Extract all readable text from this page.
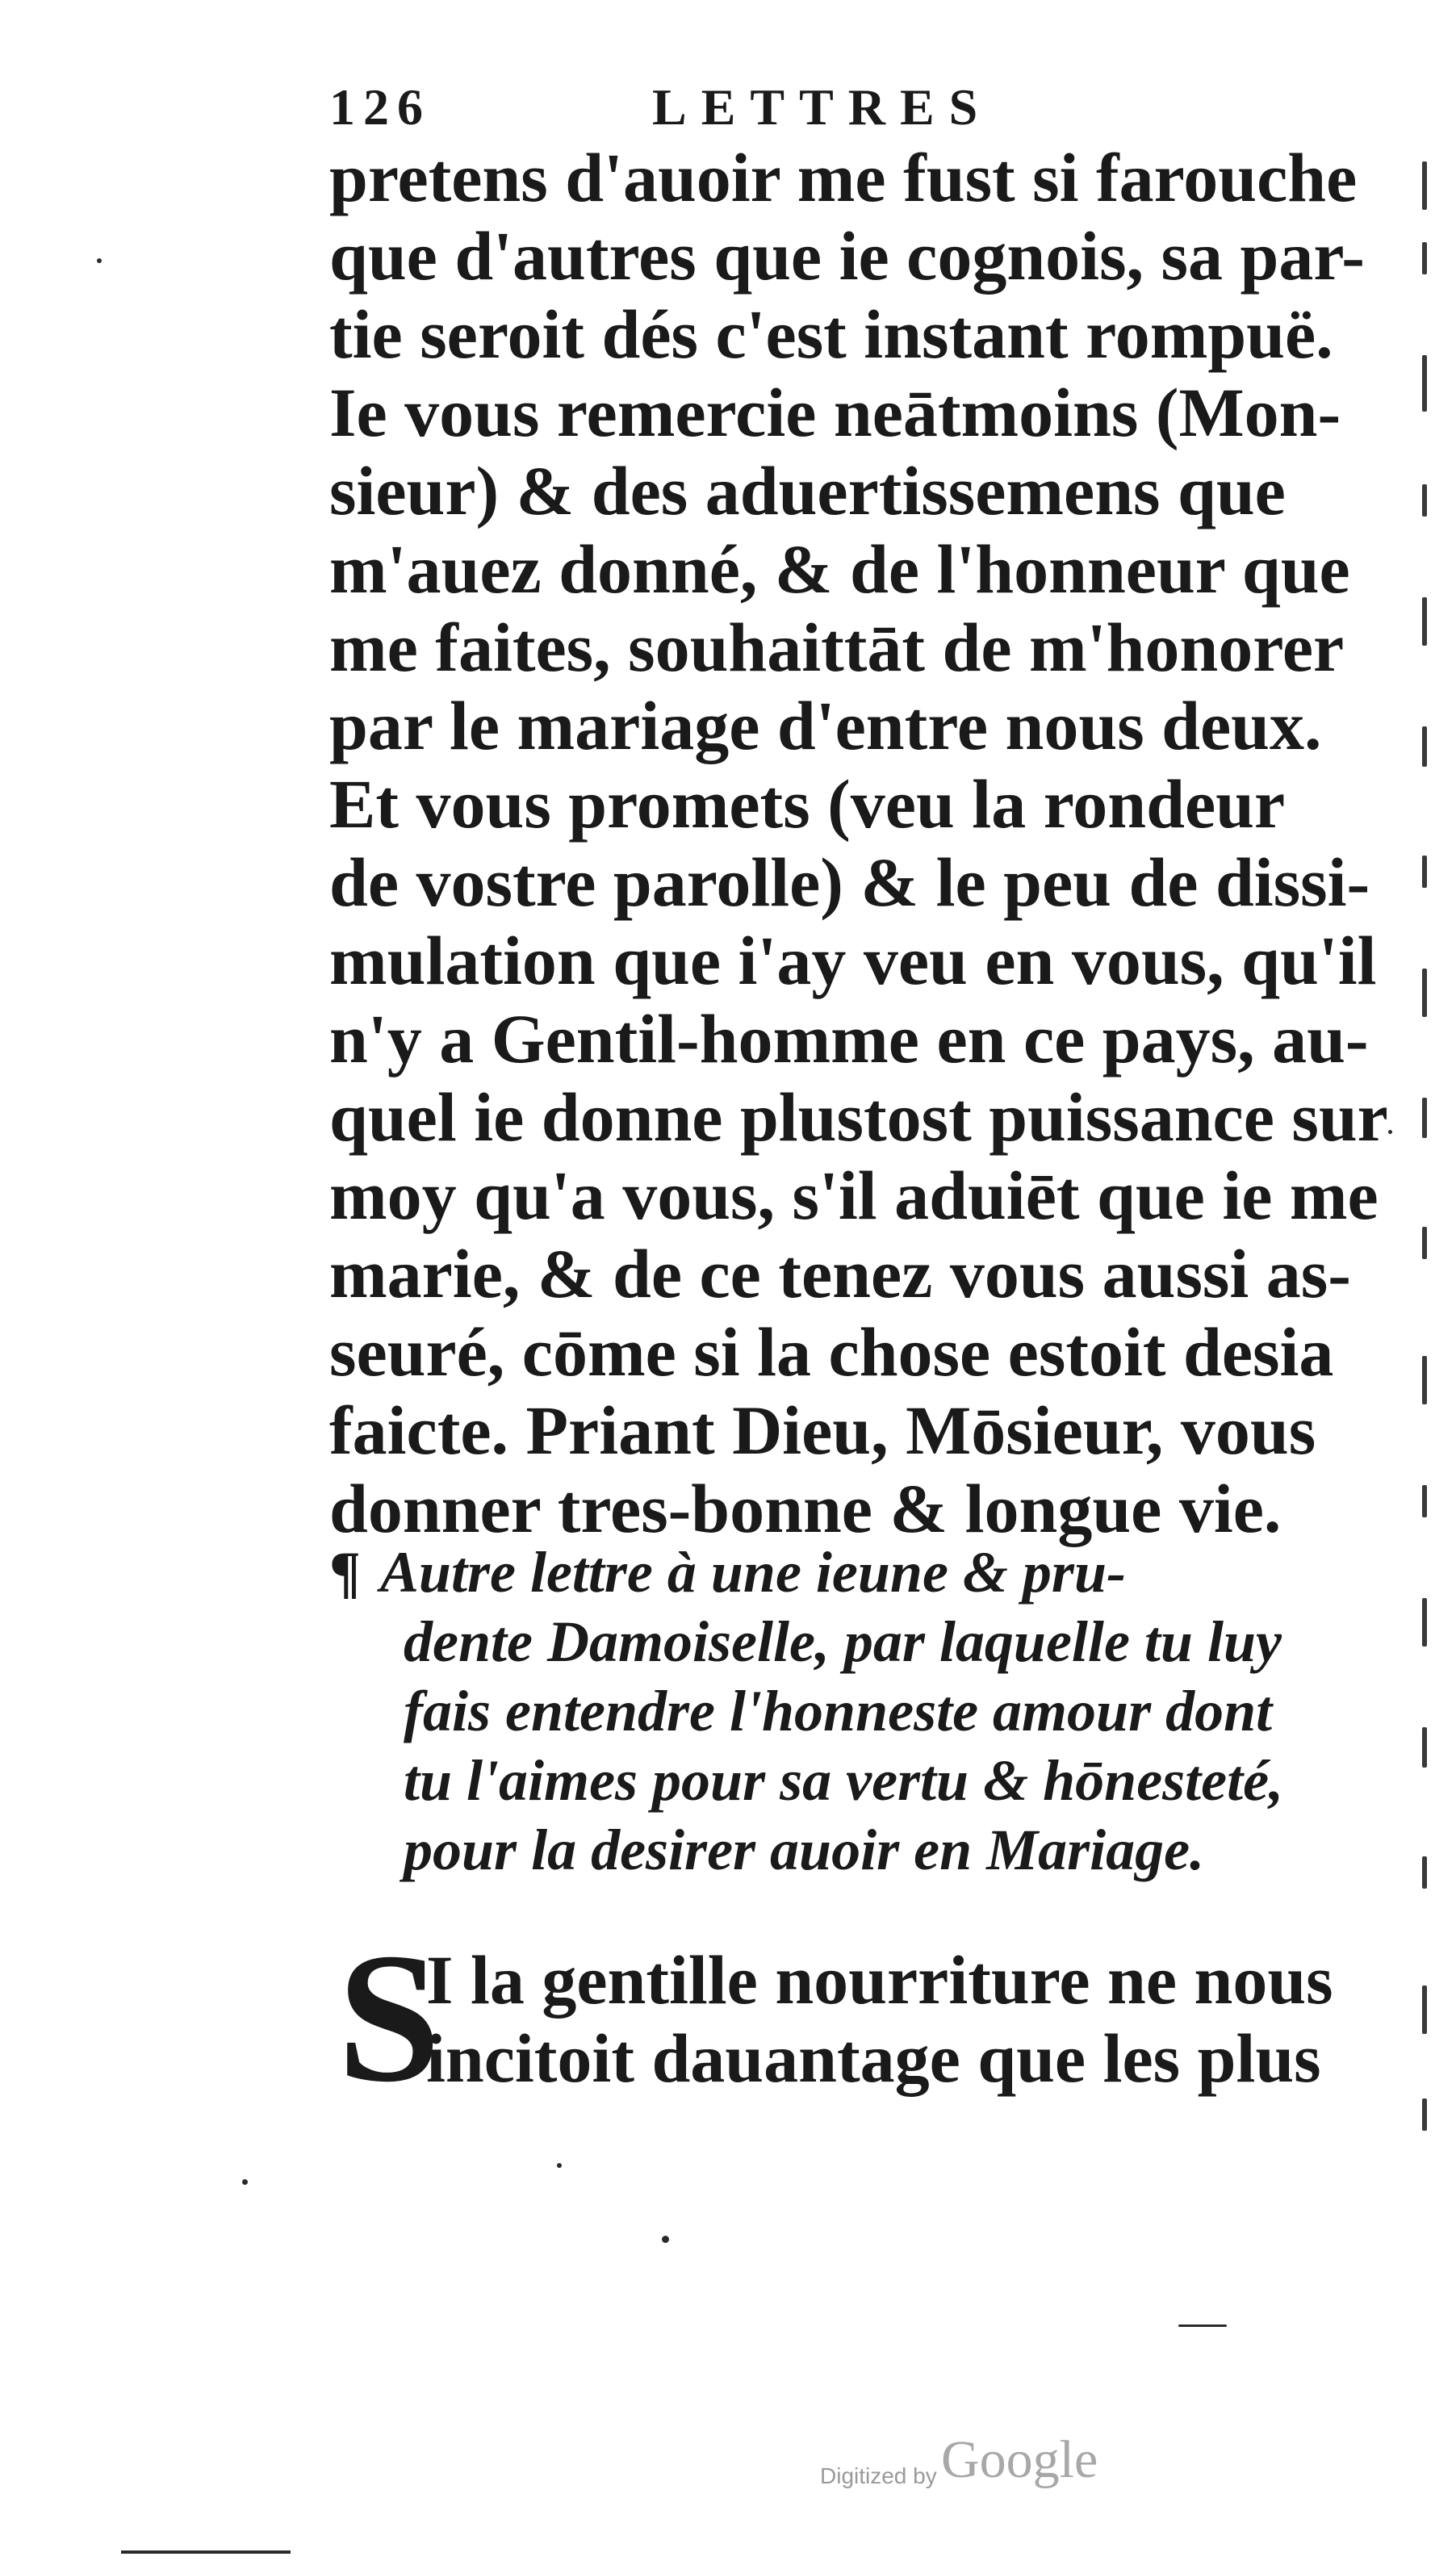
126	LETTRES
pretens d'auoir me fust si farouche
que d'autres que ie cognois, sa par-
tie seroit dés c'est instant rompuë.
Ie vous remercie neātmoins (Mon-
sieur) & des aduertissemens que
m'auez donné, & de l'honneur que
me faites, souhaittāt de m'honorer
par le mariage d'entre nous deux.
Et vous promets (veu la rondeur
de vostre parolle) & le peu de dissi-
mulation que i'ay veu en vous, qu'il
n'y a Gentil-homme en ce pays, au-
quel ie donne plustost puissance sur
moy qu'a vous, s'il aduiēt que ie me
marie, & de ce tenez vous aussi as-
seuré, cōme si la chose estoit desia
faicte. Priant Dieu, Mōsieur, vous
donner tres-bonne & longue vie.
¶ Autre lettre à une ieune & pru-
dente Damoiselle, par laquelle tu luy
fais entendre l'honneste amour dont
tu l'aimes pour sa vertu & hōnesteté,
pour la desirer auoir en Mariage.
S
I la gentille nourriture ne nous
incitoit dauantage que les plus
Digitized by Google
